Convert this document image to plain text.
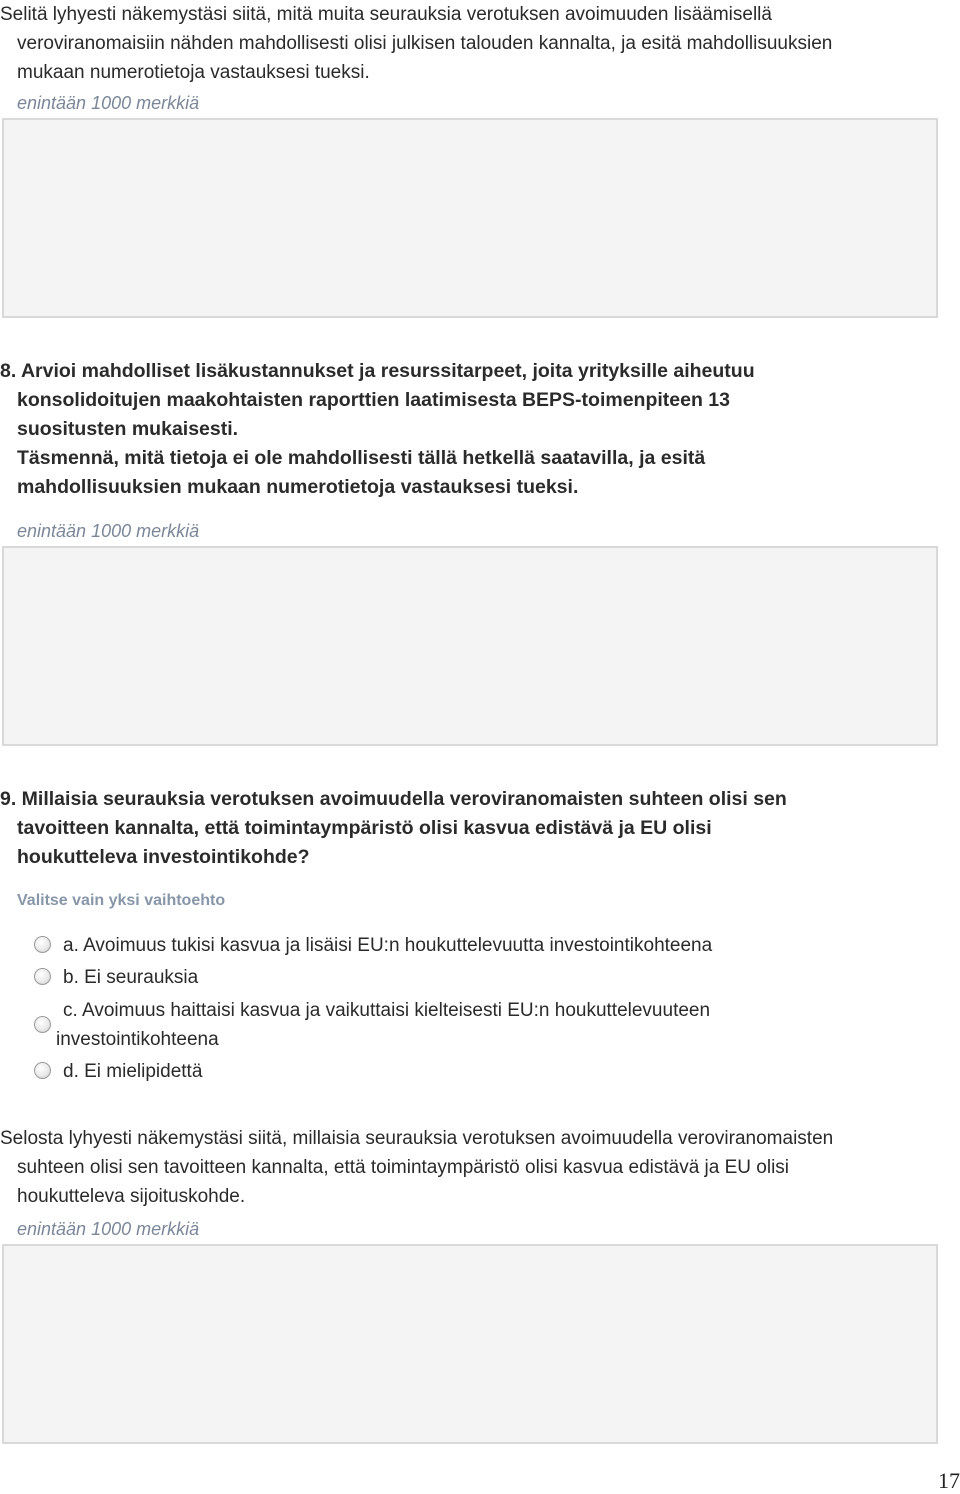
Selitä lyhyesti näkemystäsi siitä, mitä muita seurauksia verotuksen avoimuuden lisäämisellä
veroviranomaisiin nähden mahdollisesti olisi julkisen talouden kannalta, ja esitä mahdollisuuksien
mukaan numerotietoja vastauksesi tueksi.
enintään 1000 merkkiä
8. Arvioi mahdolliset lisäkustannukset ja resurssitarpeet, joita yrityksille aiheutuu
konsolidoitujen maakohtaisten raporttien laatimisesta BEPS-toimenpiteen 13
suositusten mukaisesti.
Täsmennä, mitä tietoja ei ole mahdollisesti tällä hetkellä saatavilla, ja esitä
mahdollisuuksien mukaan numerotietoja vastauksesi tueksi.
enintään 1000 merkkiä
9. Millaisia seurauksia verotuksen avoimuudella veroviranomaisten suhteen olisi sen
tavoitteen kannalta, että toimintaympäristö olisi kasvua edistävä ja EU olisi
houkutteleva investointikohde?
Valitse vain yksi vaihtoehto
a. Avoimuus tukisi kasvua ja lisäisi EU:n houkuttelevuutta investointikohteena
b. Ei seurauksia
c. Avoimuus haittaisi kasvua ja vaikuttaisi kielteisesti EU:n houkuttelevuuteen
investointikohteena
d. Ei mielipidettä
Selosta lyhyesti näkemystäsi siitä, millaisia seurauksia verotuksen avoimuudella veroviranomaisten
suhteen olisi sen tavoitteen kannalta, että toimintaympäristö olisi kasvua edistävä ja EU olisi
houkutteleva sijoituskohde.
enintään 1000 merkkiä
17
